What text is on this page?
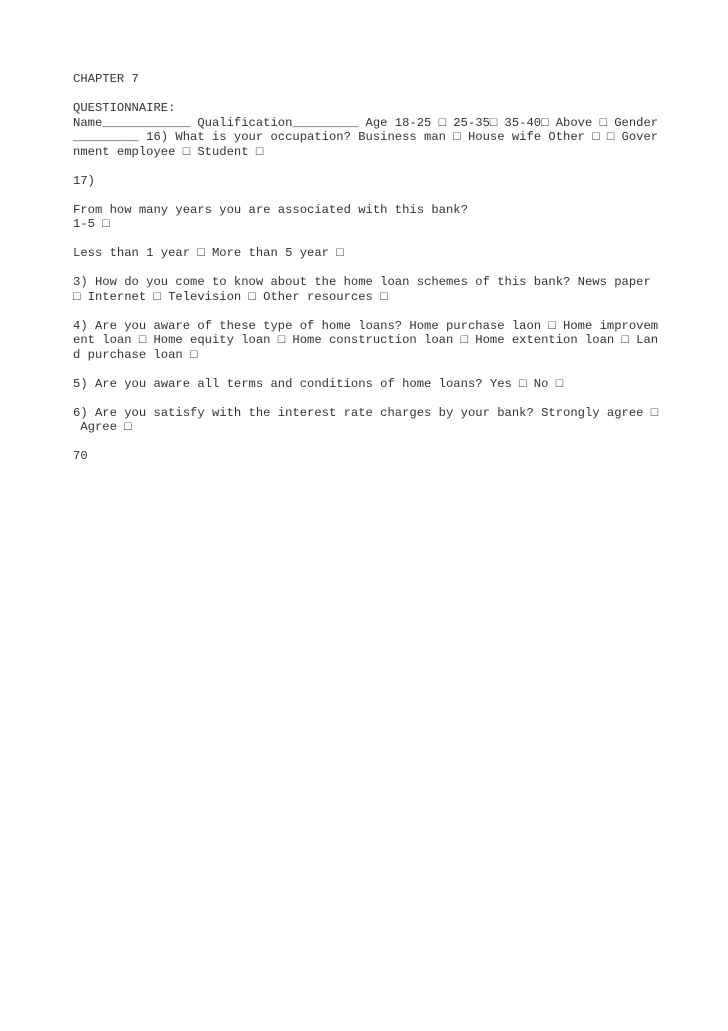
CHAPTER 7
QUESTIONNAIRE:
Name____________ Qualification_________ Age 18-25 □ 25-35□ 35-40□ Above □ Gender
_________ 16) What is your occupation? Business man □ House wife Other □ □ Gover
nment employee □ Student □
17)
From how many years you are associated with this bank?
1-5 □
Less than 1 year □ More than 5 year □
3) How do you come to know about the home loan schemes of this bank? News paper
□ Internet □ Television □ Other resources □
4) Are you aware of these type of home loans? Home purchase laon □ Home improvem
ent loan □ Home equity loan □ Home construction loan □ Home extention loan □ Lan
d purchase loan □
5) Are you aware all terms and conditions of home loans? Yes □ No □
6) Are you satisfy with the interest rate charges by your bank? Strongly agree □
Agree □
70
